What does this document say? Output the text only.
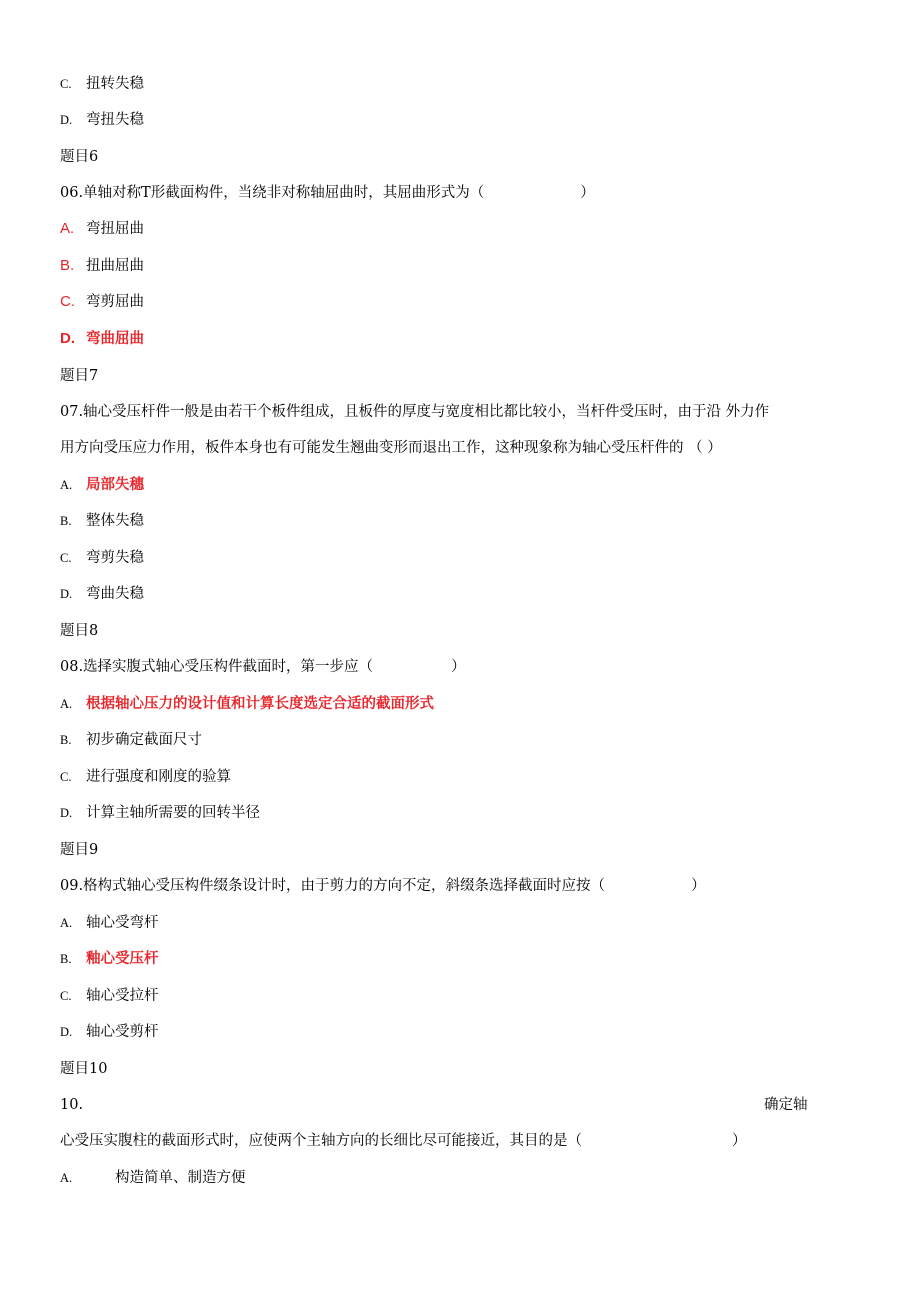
C. 扭转失稳
D. 弯扭失稳
题目6
06.单轴对称T形截面构件，当绕非对称轴屈曲时，其屈曲形式为（	）
A. 弯扭屈曲
B. 扭曲屈曲
C. 弯剪屈曲
D. 弯曲屈曲
题目7
07.轴心受压杆件一般是由若干个板件组成，且板件的厚度与宽度相比都比较小，当杆件受压时，由于沿 外力作
用方向受压应力作用，板件本身也有可能发生翘曲变形而退出工作，这种现象称为轴心受压杆件的 （ ）
A. 局部失穗
B. 整体失稳
C. 弯剪失稳
D. 弯曲失稳
题目8
08.选择实腹式轴心受压构件截面时，第一步应（	）
A. 根据轴心压力的设计值和计算长度选定合适的截面形式
B. 初步确定截面尺寸
C. 进行强度和刚度的验算
D. 计算主轴所需要的回转半径
题目9
09.格构式轴心受压构件缀条设计时，由于剪力的方向不定，斜缀条选择截面时应按（	）
A. 轴心受弯杆
B. 釉心受压杆
C. 轴心受拉杆
D. 轴心受剪杆
题目10
10.	确定轴
心受压实腹柱的截面形式时，应使两个主轴方向的长细比尽可能接近，其目的是（	）
A.	构造简单、制造方便
